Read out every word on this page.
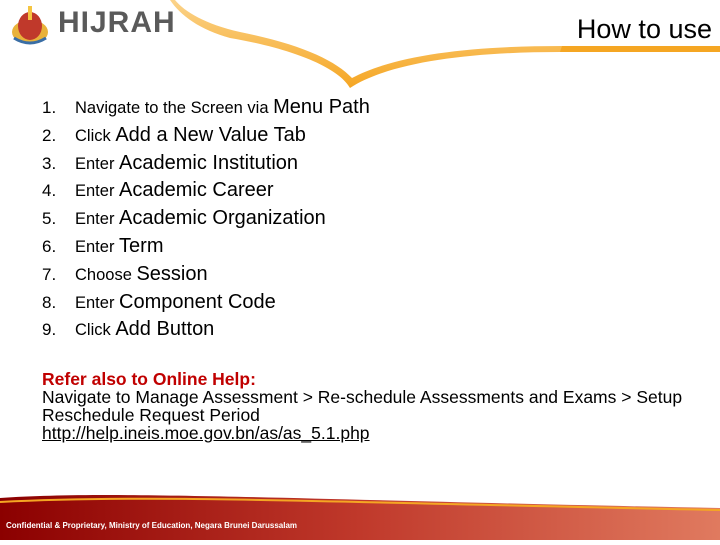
HIJRAH	How to use
1. Navigate to the Screen via Menu Path
2. Click Add a New Value Tab
3. Enter Academic Institution
4. Enter Academic Career
5. Enter Academic Organization
6. Enter Term
7. Choose Session
8. Enter Component Code
9. Click Add Button
Refer also to Online Help:
Navigate to Manage Assessment > Re-schedule Assessments and Exams > Setup Reschedule Request Period
http://help.ineis.moe.gov.bn/as/as_5.1.php
Confidential & Proprietary, Ministry of Education, Negara Brunei Darussalam
